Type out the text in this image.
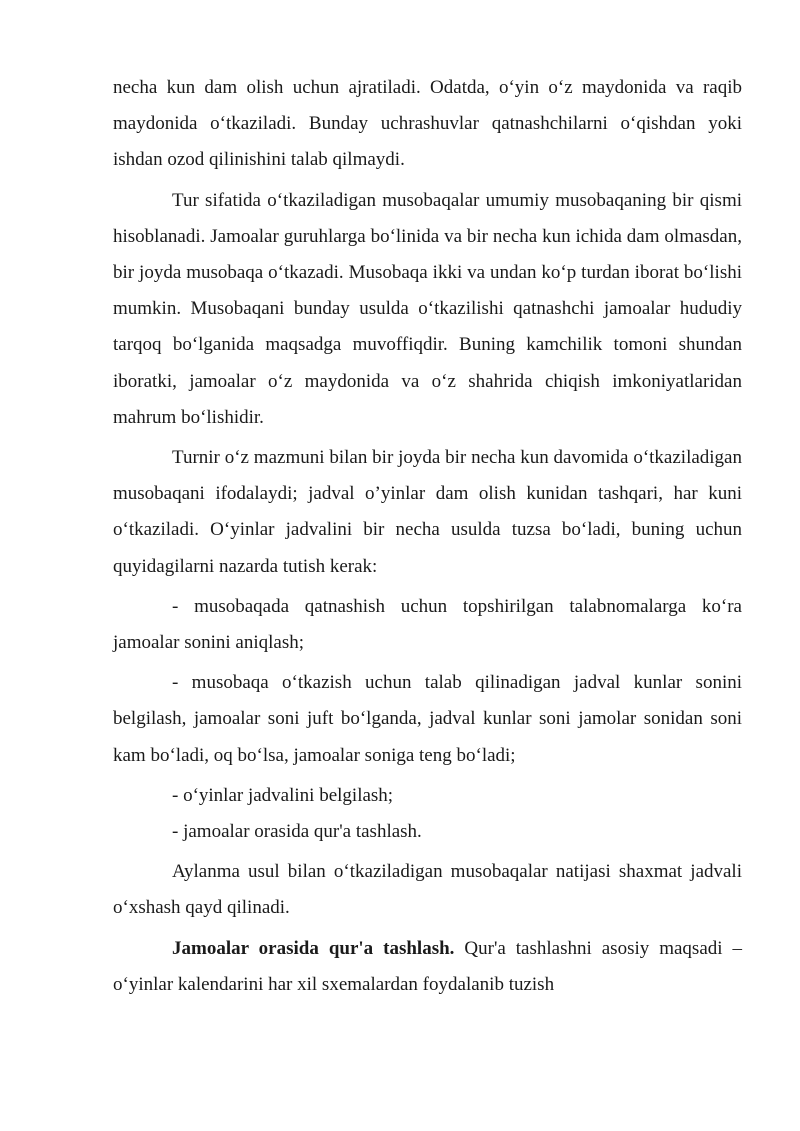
necha kun dam olish uchun ajratiladi. Odatda, o‘yin o‘z maydonida va raqib maydonida o‘tkaziladi. Bunday uchrashuvlar qatnashchilarni o‘qishdan yoki ishdan ozod qilinishini talab qilmaydi.

Tur sifatida o‘tkaziladigan musobaqalar umumiy musobaqaning bir qismi hisoblanadi. Jamoalar guruhlarga bo‘linida va bir necha kun ichida dam olmasdan, bir joyda musobaqa o‘tkazadi. Musobaqa ikki va undan ko‘p turdan iborat bo‘lishi mumkin. Musobaqani bunday usulda o‘tkazilishi qatnashchi jamoalar hududiy tarqoq bo‘lganida maqsadga muvoffiqdir. Buning kamchilik tomoni shundan iboratki, jamoalar o‘z maydonida va o‘z shahrida chiqish imkoniyatlaridan mahrum bo‘lishidir.

Turnir o‘z mazmuni bilan bir joyda bir necha kun davomida o‘tkaziladigan musobaqani ifodalaydi; jadval o’yinlar dam olish kunidan tashqari, har kuni o‘tkaziladi. O‘yinlar jadvalini bir necha usulda tuzsa bo‘ladi, buning uchun quyidagilarni nazarda tutish kerak:

- musobaqada qatnashish uchun topshirilgan talabnomalarga ko‘ra jamoalar sonini aniqlash;

- musobaqa o‘tkazish uchun talab qilinadigan jadval kunlar sonini belgilash, jamoalar soni juft bo‘lganda, jadval kunlar soni jamolar sonidan soni kam bo‘ladi, oq bo‘lsa, jamoalar soniga teng bo‘ladi;

- o‘yinlar jadvalini belgilash;

- jamoalar orasida qur'a tashlash.

Aylanma usul bilan o‘tkaziladigan musobaqalar natijasi shaxmat jadvali o‘xshash qayd qilinadi.

Jamoalar orasida qur'a tashlash. Qur'a tashlashni asosiy maqsadi – o‘yinlar kalendarini har xil sxemalardan foydalanib tuzish
